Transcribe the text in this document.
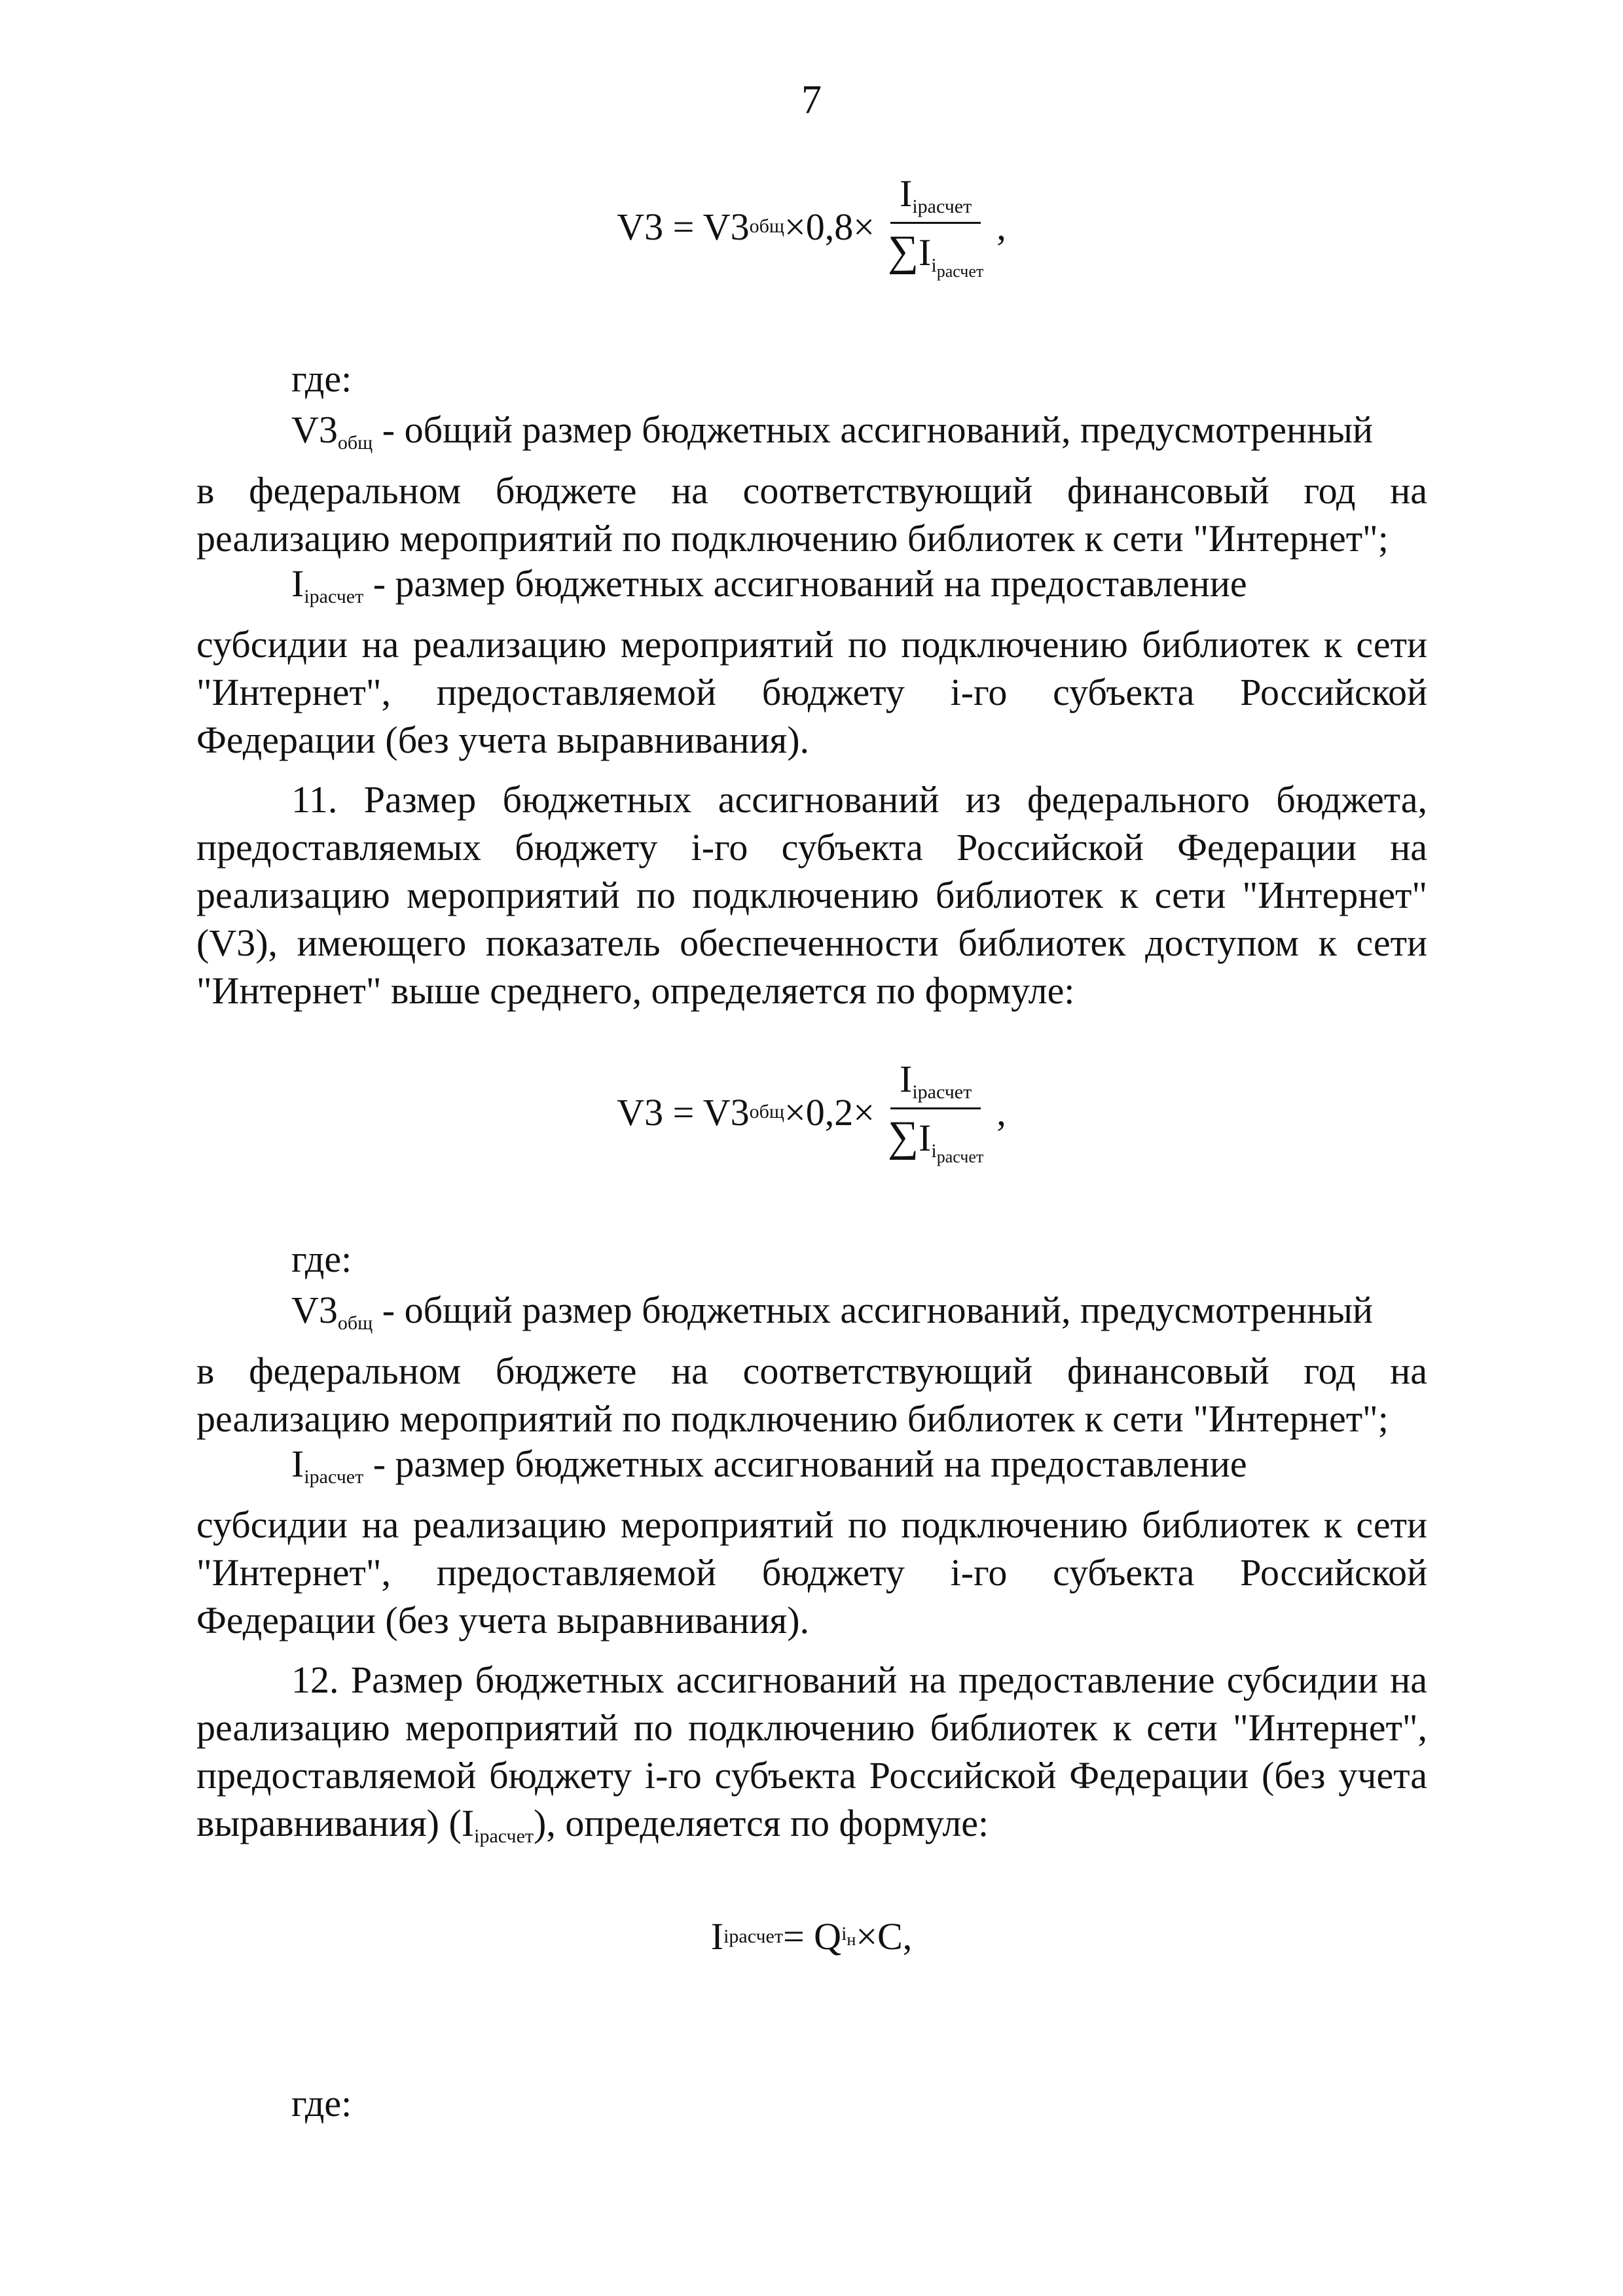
7
V3 = V3 общ $\times 0,8\times \frac{I_{iрасчет}}{\sum I_{i_{расчет}}}$ ,
где:
$V3_{общ}$ - общий размер бюджетных ассигнований, предусмотренный
в федеральном бюджете на соответствующий финансовый год на реализацию мероприятий по подключению библиотек к сети "Интернет";
$I_{iрасчет}$ - размер бюджетных ассигнований на предоставление
субсидии на реализацию мероприятий по подключению библиотек к сети "Интернет", предоставляемой бюджету i-го субъекта Российской Федерации (без учета выравнивания).
11. Размер бюджетных ассигнований из федерального бюджета, предоставляемых бюджету i-го субъекта Российской Федерации на реализацию мероприятий по подключению библиотек к сети "Интернет" (V3), имеющего показатель обеспеченности библиотек доступом к сети "Интернет" выше среднего, определяется по формуле:
V3 = V3 общ $\times 0,2\times \frac{I_{iрасчет}}{\sum I_{i_{расчет}}}$ ,
где:
$V3_{общ}$ - общий размер бюджетных ассигнований, предусмотренный
в федеральном бюджете на соответствующий финансовый год на реализацию мероприятий по подключению библиотек к сети "Интернет";
$I_{iрасчет}$ - размер бюджетных ассигнований на предоставление
субсидии на реализацию мероприятий по подключению библиотек к сети "Интернет", предоставляемой бюджету i-го субъекта Российской Федерации (без учета выравнивания).
12. Размер бюджетных ассигнований на предоставление субсидии на реализацию мероприятий по подключению библиотек к сети "Интернет", предоставляемой бюджету i-го субъекта Российской Федерации (без учета выравнивания) $(I_{iрасчет})$, определяется по формуле:
I iрасчет = Q $i_н \times C$,
где:
